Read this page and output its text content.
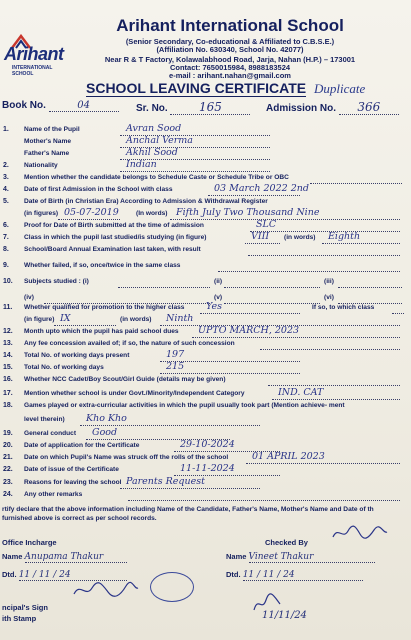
Arihant
INTERNATIONAL SCHOOL
Arihant International School
(Senior Secondary, Co-educational & Affiliated to C.B.S.E.)
(Affiliation No. 630340, School No. 42077)
Near R & T Factory, Kolawalabhood Road, Jarja, Nahan (H.P.) – 173001
Contact: 7650015984, 8988183524
e-mail : arihant.nahan@gmail.com
SCHOOL LEAVING CERTIFICATE Duplicate
Book No.	04	Sr. No.	165	Admission No. 366
1. Name of the Pupil	Avran Sood
Mother's Name	Anchal Verma
Father's Name	Akhil Sood
2. Nationality	Indian
3. Mention whether the candidate belongs to Schedule Caste or Schedule Tribe or OBC
4. Date of first Admission in the School with class	03 March 2022 2nd
5. Date of Birth (in Christian Era) According to Admission & Withdrawal Register
(in figures) 05-07-2019	(In words) Fifth July Two Thousand Nine
6. Proof for Date of Birth submitted at the time of admission	SLC
7. Class in which the pupil last studied/is studying (in figure)	VIII (in words) Eighth
8. School/Board Annual Examination last taken, with result
9. Whether failed, if so, once/twice in the same class
10. Subjects studied : (i)	(ii)	(iii)
(iv)	(v)	(vi)
11. Whether qualified for promotion to the higher class Yes	If so, to which class
(in figure) IX	(in words) Ninth
12. Month upto which the pupil has paid school dues UPTO MARCH, 2023
13. Any fee concession availed of; if so, the nature of such concession
14. Total No. of working days present	197
15. Total No. of working days	215
16. Whether NCC Cadet/Boy Scout/Girl Guide (details may be given)
17. Mention whether school is under Govt./Minority/Independent Category	IND. CAT
18. Games played or extra-curricular activities in which the pupil usually took part (Mention achieve- ment
level therein) Kho Kho
19. General conduct Good
20. Date of application for the Certificate	29-10-2024
21. Date on which Pupil's Name was struck off the rolls of the school	01 APRIL 2023
22. Date of issue of the Certificate	11-11-2024
23. Reasons for leaving the school Parents Request
24. Any other remarks
rtify declare that the above information including Name of the Candidate, Father's Name, Mother's Name and Date of th furnished above is correct as per school records.
Office Incharge
Name Anupama Thakur
Dtd. 11 / 11 / 24
Checked By
Name Vineet Thakur
Dtd. 11 / 11 / 24
ncipal's Sign
ith Stamp	11/11/24
